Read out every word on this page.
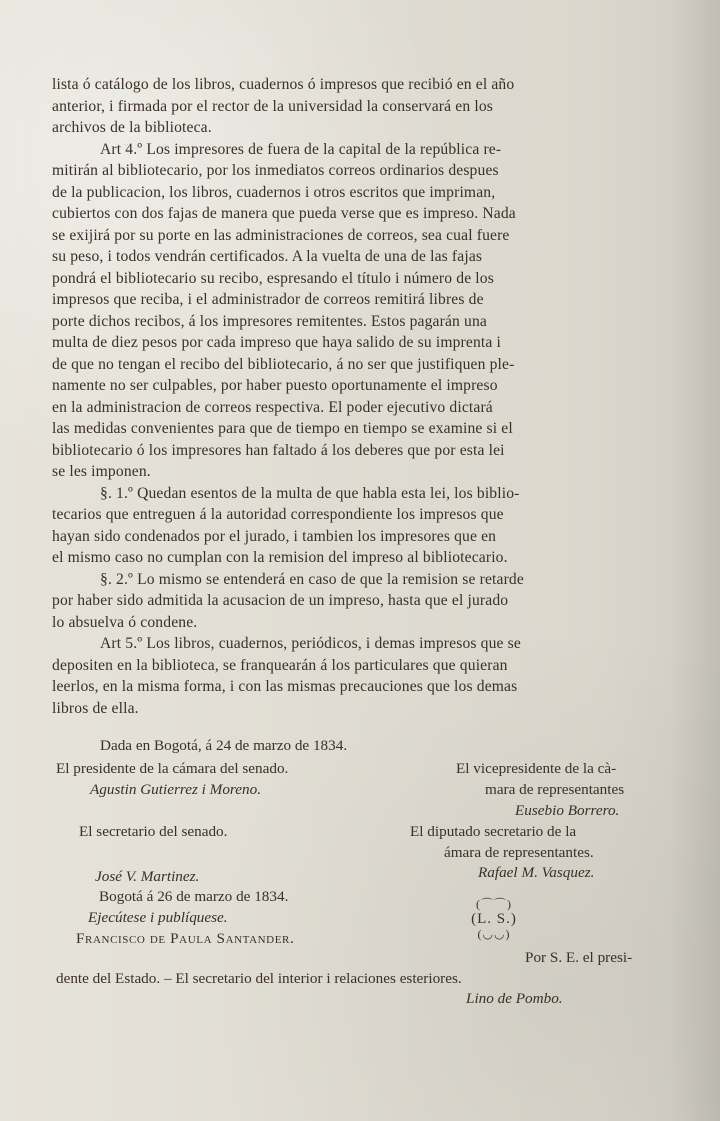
lista ó catálogo de los libros, cuadernos ó impresos que recibió en el año
anterior, i firmada por el rector de la universidad la conservará en los
archivos de la biblioteca.
Art 4.º Los impresores de fuera de la capital de la república re-
mitirán al bibliotecario, por los inmediatos correos ordinarios despues
de la publicacion, los libros, cuadernos i otros escritos que impriman,
cubiertos con dos fajas de manera que pueda verse que es impreso. Nada
se exijirá por su porte en las administraciones de correos, sea cual fuere
su peso, i todos vendrán certificados. A la vuelta de una de las fajas
pondrá el bibliotecario su recibo, espresando el título i número de los
impresos que reciba, i el administrador de correos remitirá libres de
porte dichos recibos, á los impresores remitentes. Estos pagarán una
multa de diez pesos por cada impreso que haya salido de su imprenta i
de que no tengan el recibo del bibliotecario, á no ser que justifiquen ple-
namente no ser culpables, por haber puesto oportunamente el impreso
en la administracion de correos respectiva. El poder ejecutivo dictará
las medidas convenientes para que de tiempo en tiempo se examine si el
bibliotecario ó los impresores han faltado á los deberes que por esta lei
se les imponen.
§. 1.º Quedan esentos de la multa de que habla esta lei, los biblio-
tecarios que entreguen á la autoridad correspondiente los impresos que
hayan sido condenados por el jurado, i tambien los impresores que en
el mismo caso no cumplan con la remision del impreso al bibliotecario.
§. 2.º Lo mismo se entenderá en caso de que la remision se retarde
por haber sido admitida la acusacion de un impreso, hasta que el jurado
lo absuelva ó condene.
Art 5.º Los libros, cuadernos, periódicos, i demas impresos que se
depositen en la biblioteca, se franquearán á los particulares que quieran
leerlos, en la misma forma, i con las mismas precauciones que los demas
libros de ella.
Dada en Bogotá, á 24 de marzo de 1834.
El presidente de la cámara del senado.
Agustin Gutierrez i Moreno.
El vicepresidente de la cà-
mara de representantes
Eusebio Borrero.
El secretario del senado.	El diputado secretario de la
ámara de representantes.
José V. Martinez.	Rafael M. Vasquez.
Bogotá á 26 de marzo de 1834.
Ejecútese i publíquese.
Francisco de Paula Santander.
(⌒⌒)
(L. S.)
(◡◡)
Por S. E. el presi-
dente del Estado. – El secretario del interior i relaciones esteriores.
Lino de Pombo.
